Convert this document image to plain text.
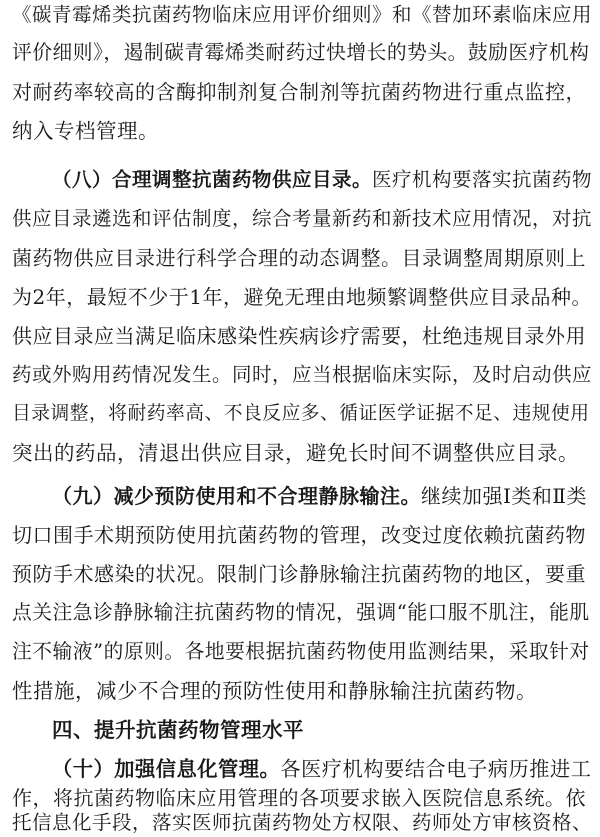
《碳青霉烯类抗菌药物临床应用评价细则》和《替加环素临床应用
评价细则》，遏制碳青霉烯类耐药过快增长的势头。鼓励医疗机构
对耐药率较高的含酶抑制剂复合制剂等抗菌药物进行重点监控，
纳入专档管理。
（八）合理调整抗菌药物供应目录。医疗机构要落实抗菌药物
供应目录遴选和评估制度，综合考量新药和新技术应用情况，对抗
菌药物供应目录进行科学合理的动态调整。目录调整周期原则上
为2年，最短不少于1年，避免无理由地频繁调整供应目录品种。
供应目录应当满足临床感染性疾病诊疗需要，杜绝违规目录外用
药或外购用药情况发生。同时，应当根据临床实际，及时启动供应
目录调整，将耐药率高、不良反应多、循证医学证据不足、违规使用
突出的药品，清退出供应目录，避免长时间不调整供应目录。
（九）减少预防使用和不合理静脉输注。继续加强Ⅰ类和Ⅱ类
切口围手术期预防使用抗菌药物的管理，改变过度依赖抗菌药物
预防手术感染的状况。限制门诊静脉输注抗菌药物的地区，要重
点关注急诊静脉输注抗菌药物的情况，强调“能口服不肌注，能肌
注不输液”的原则。各地要根据抗菌药物使用监测结果，采取针对
性措施，减少不合理的预防性使用和静脉输注抗菌药物。
四、提升抗菌药物管理水平
（十）加强信息化管理。各医疗机构要结合电子病历推进工
作，将抗菌药物临床应用管理的各项要求嵌入医院信息系统。依
托信息化手段，落实医师抗菌药物处方权限、药师处方审核资格、
